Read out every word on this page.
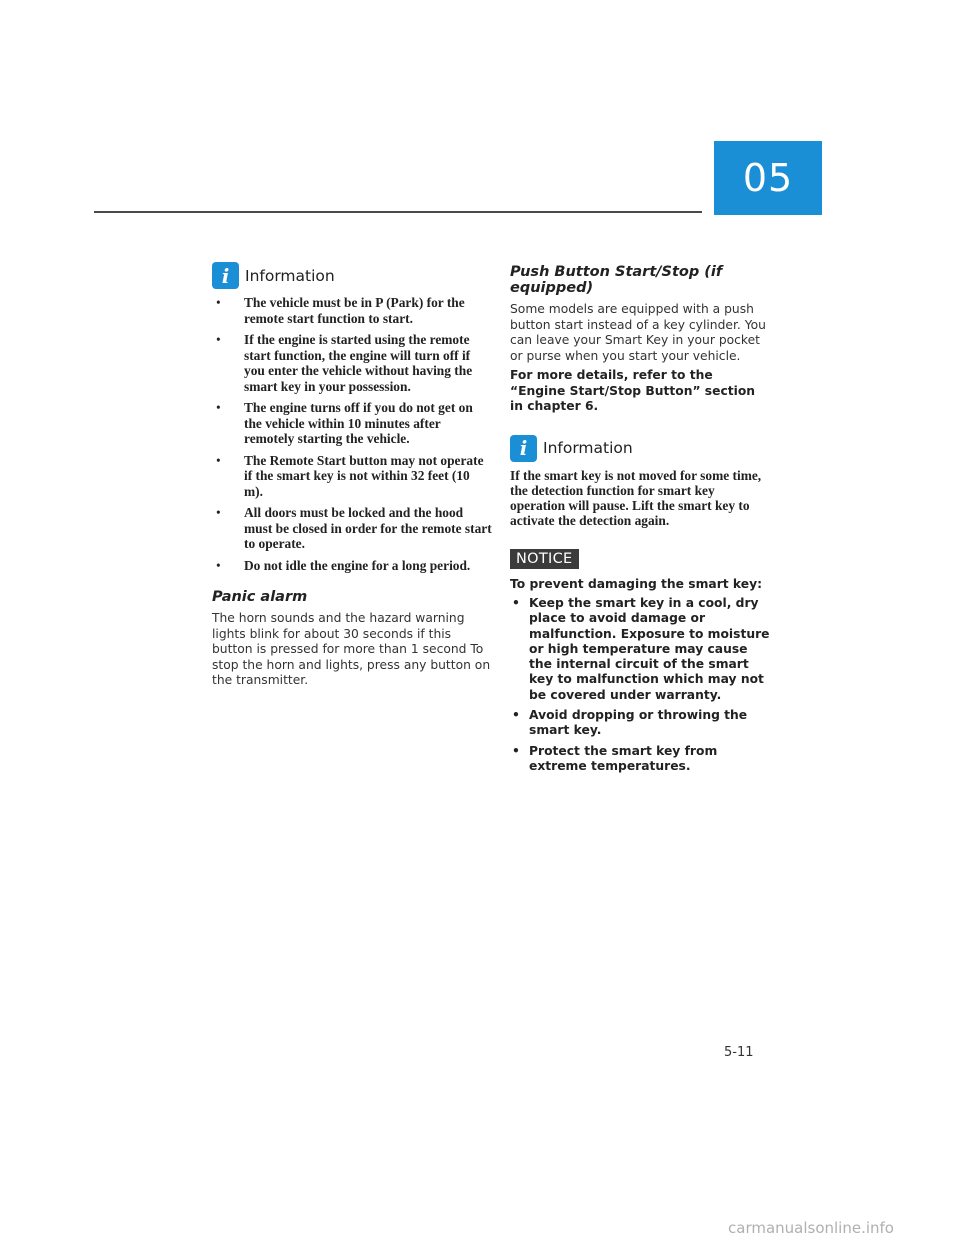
05
i	Information
• The vehicle must be in P (Park) for the remote start function to start.
• If the engine is started using the remote start function, the engine will turn off if you enter the vehicle without having the smart key in your possession.
• The engine turns off if you do not get on the vehicle within 10 minutes after remotely starting the vehicle.
• The Remote Start button may not operate if the smart key is not within 32 feet (10 m).
• All doors must be locked and the hood must be closed in order for the remote start to operate.
• Do not idle the engine for a long period.
Panic alarm

The horn sounds and the hazard warning lights blink for about 30 seconds if this button is pressed for more than 1 second To stop the horn and lights, press any button on the transmitter.

Push Button Start/Stop (if equipped)

Some models are equipped with a push button start instead of a key cylinder. You can leave your Smart Key in your pocket or purse when you start your vehicle.

For more details, refer to the “Engine Start/Stop Button” section in chapter 6.

i	Information

If the smart key is not moved for some time, the detection function for smart key operation will pause. Lift the smart key to activate the detection again.

NOTICE

To prevent damaging the smart key:

• Keep the smart key in a cool, dry place to avoid damage or malfunction. Exposure to moisture or high temperature may cause the internal circuit of the smart key to malfunction which may not be covered under warranty.
• Avoid dropping or throwing the smart key.
• Protect the smart key from extreme temperatures.
5-11
carmanualsonline.info
